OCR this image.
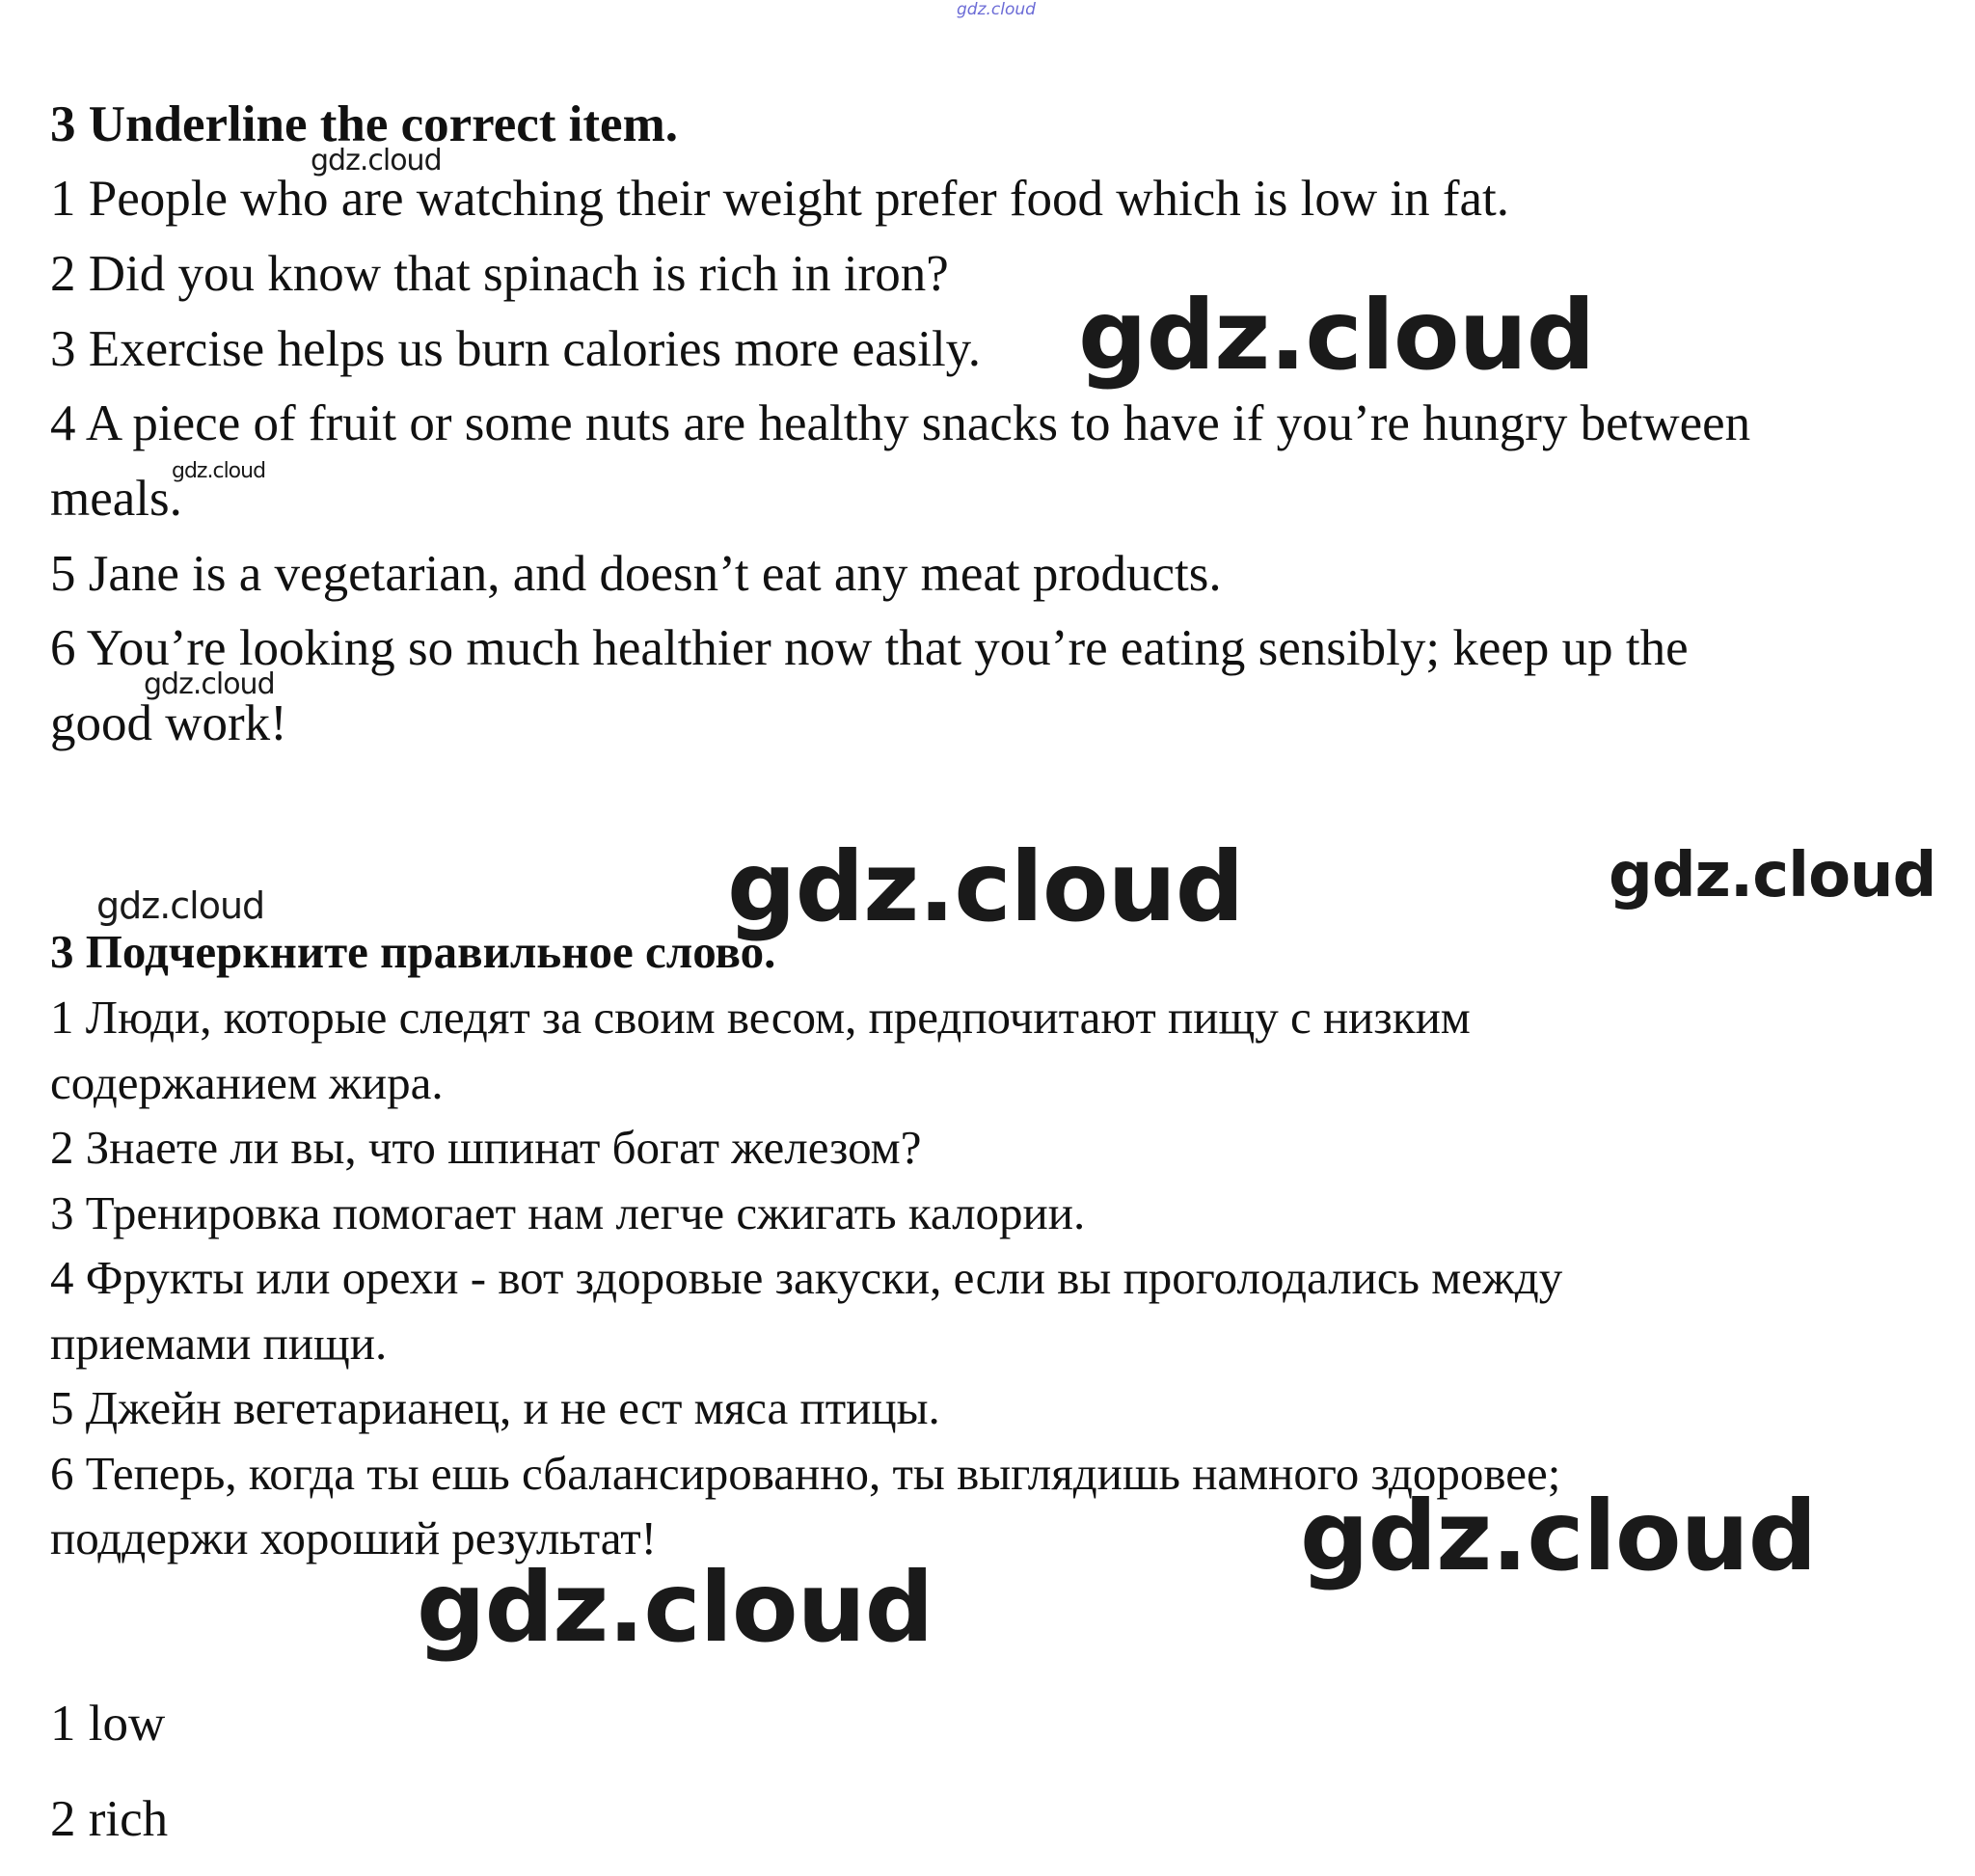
gdz.cloud
3 Underline the correct item.
1 People who are watching their weight prefer food which is low in fat.
2 Did you know that spinach is rich in iron?
3 Exercise helps us burn calories more easily.
4 A piece of fruit or some nuts are healthy snacks to have if you’re hungry between
meals.
5 Jane is a vegetarian, and doesn’t eat any meat products.
6 You’re looking so much healthier now that you’re eating sensibly; keep up the
good work!
3 Подчеркните правильное слово.
1 Люди, которые следят за своим весом, предпочитают пищу с низким
содержанием жира.
2 Знаете ли вы, что шпинат богат железом?
3 Тренировка помогает нам легче сжигать калории.
4 Фрукты или орехи - вот здоровые закуски, если вы проголодались между
приемами пищи.
5 Джейн вегетарианец, и не ест мяса птицы.
6 Теперь, когда ты ешь сбалансированно, ты выглядишь намного здоровее;
поддержи хороший результат!
1 low
2 rich
gdz.cloud
gdz.cloud
gdz.cloud
gdz.cloud
gdz.cloud	gdz.cloud
gdz.cloud
gdz.cloud
gdz.cloud
